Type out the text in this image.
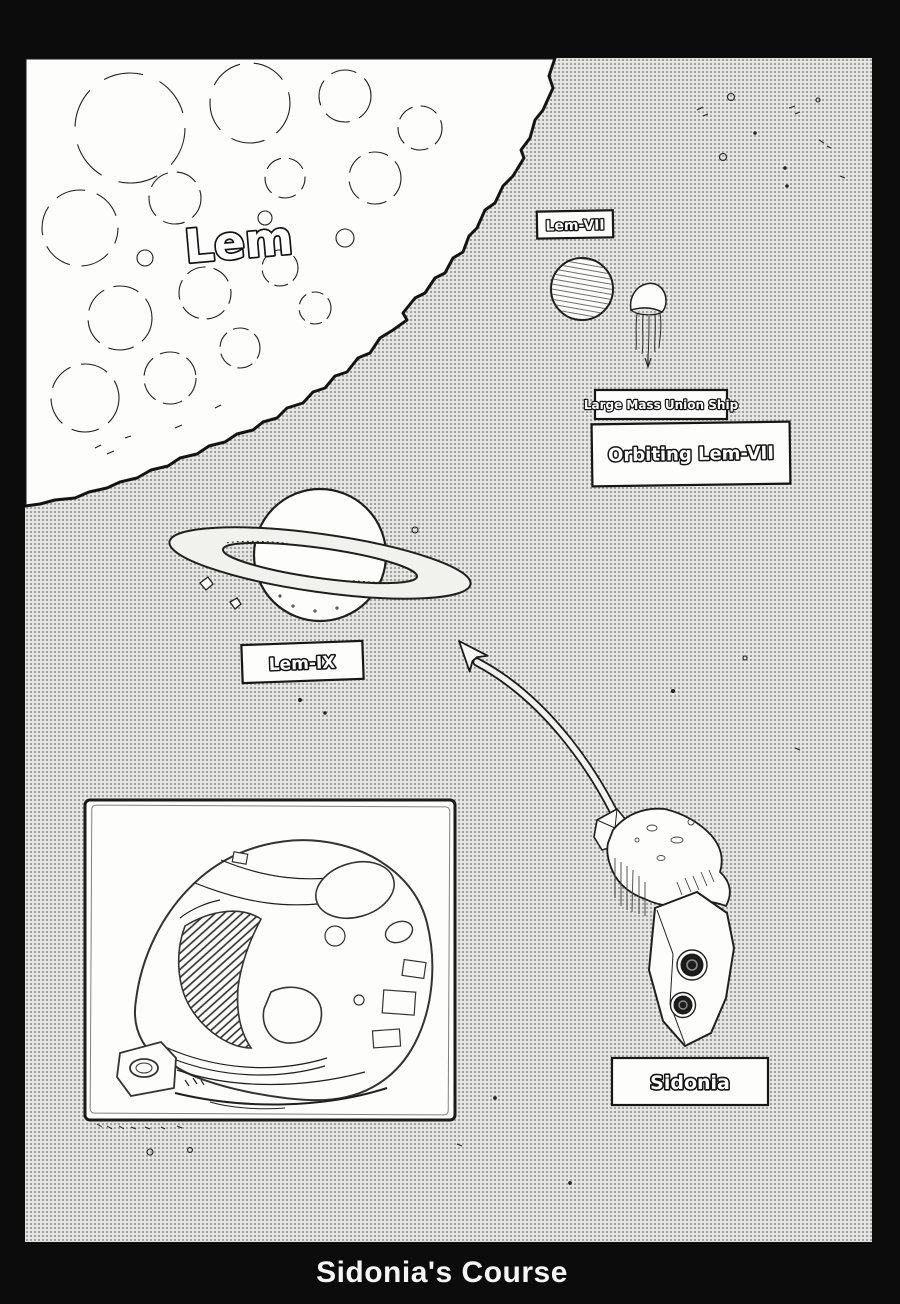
Lem	Lem-VII
Large Mass Union Ship
Orbiting Lem-VII
Lem-IX
Sidonia
Sidonia's Course
